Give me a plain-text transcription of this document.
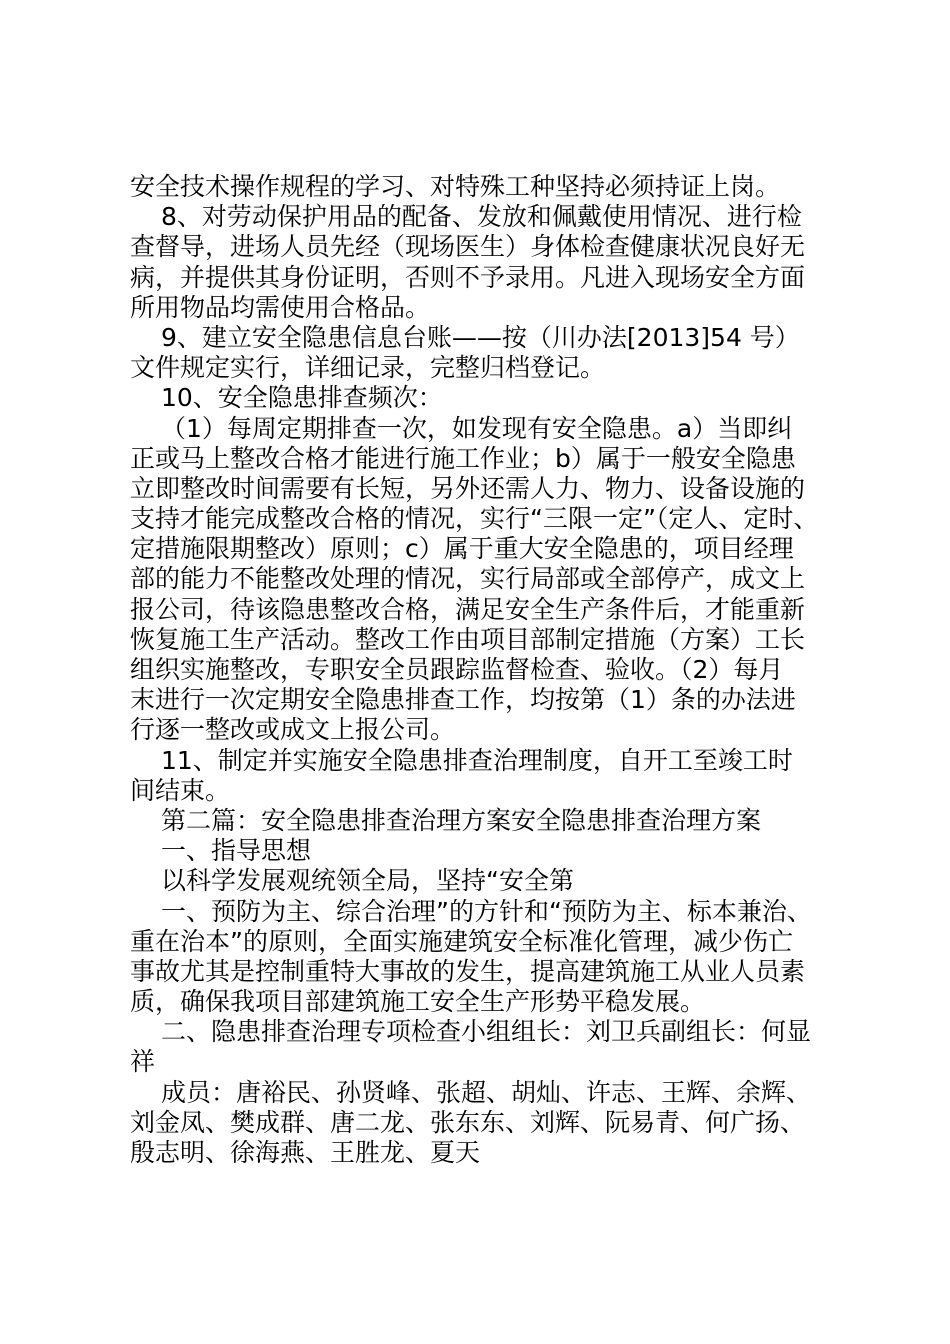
安全技术操作规程的学习、对特殊工种坚持必须持证上岗。
8、对劳动保护用品的配备、发放和佩戴使用情况、进行检
查督导，进场人员先经（现场医生）身体检查健康状况良好无
病，并提供其身份证明，否则不予录用。凡进入现场安全方面
所用物品均需使用合格品。
9、建立安全隐患信息台账——按（川办法[2013]54 号）
文件规定实行，详细记录，完整归档登记。
10、安全隐患排查频次：
（1）每周定期排查一次，如发现有安全隐患。a）当即纠
正或马上整改合格才能进行施工作业；b）属于一般安全隐患
立即整改时间需要有长短，另外还需人力、物力、设备设施的
支持才能完成整改合格的情况，实行“三限一定”（定人、定时、
定措施限期整改）原则；c）属于重大安全隐患的，项目经理
部的能力不能整改处理的情况，实行局部或全部停产，成文上
报公司，待该隐患整改合格，满足安全生产条件后，才能重新
恢复施工生产活动。整改工作由项目部制定措施（方案）工长
组织实施整改，专职安全员跟踪监督检查、验收。（2）每月
末进行一次定期安全隐患排查工作，均按第（1）条的办法进
行逐一整改或成文上报公司。
11、制定并实施安全隐患排查治理制度，自开工至竣工时
间结束。
第二篇：安全隐患排查治理方案安全隐患排查治理方案
一、指导思想
以科学发展观统领全局，坚持“安全第
一、预防为主、综合治理”的方针和“预防为主、标本兼治、
重在治本”的原则，全面实施建筑安全标准化管理，减少伤亡
事故尤其是控制重特大事故的发生，提高建筑施工从业人员素
质，确保我项目部建筑施工安全生产形势平稳发展。
二、隐患排查治理专项检查小组组长：刘卫兵副组长：何显
祥
成员：唐裕民、孙贤峰、张超、胡灿、许志、王辉、余辉、
刘金凤、樊成群、唐二龙、张东东、刘辉、阮易青、何广扬、
殷志明、徐海燕、王胜龙、夏天
